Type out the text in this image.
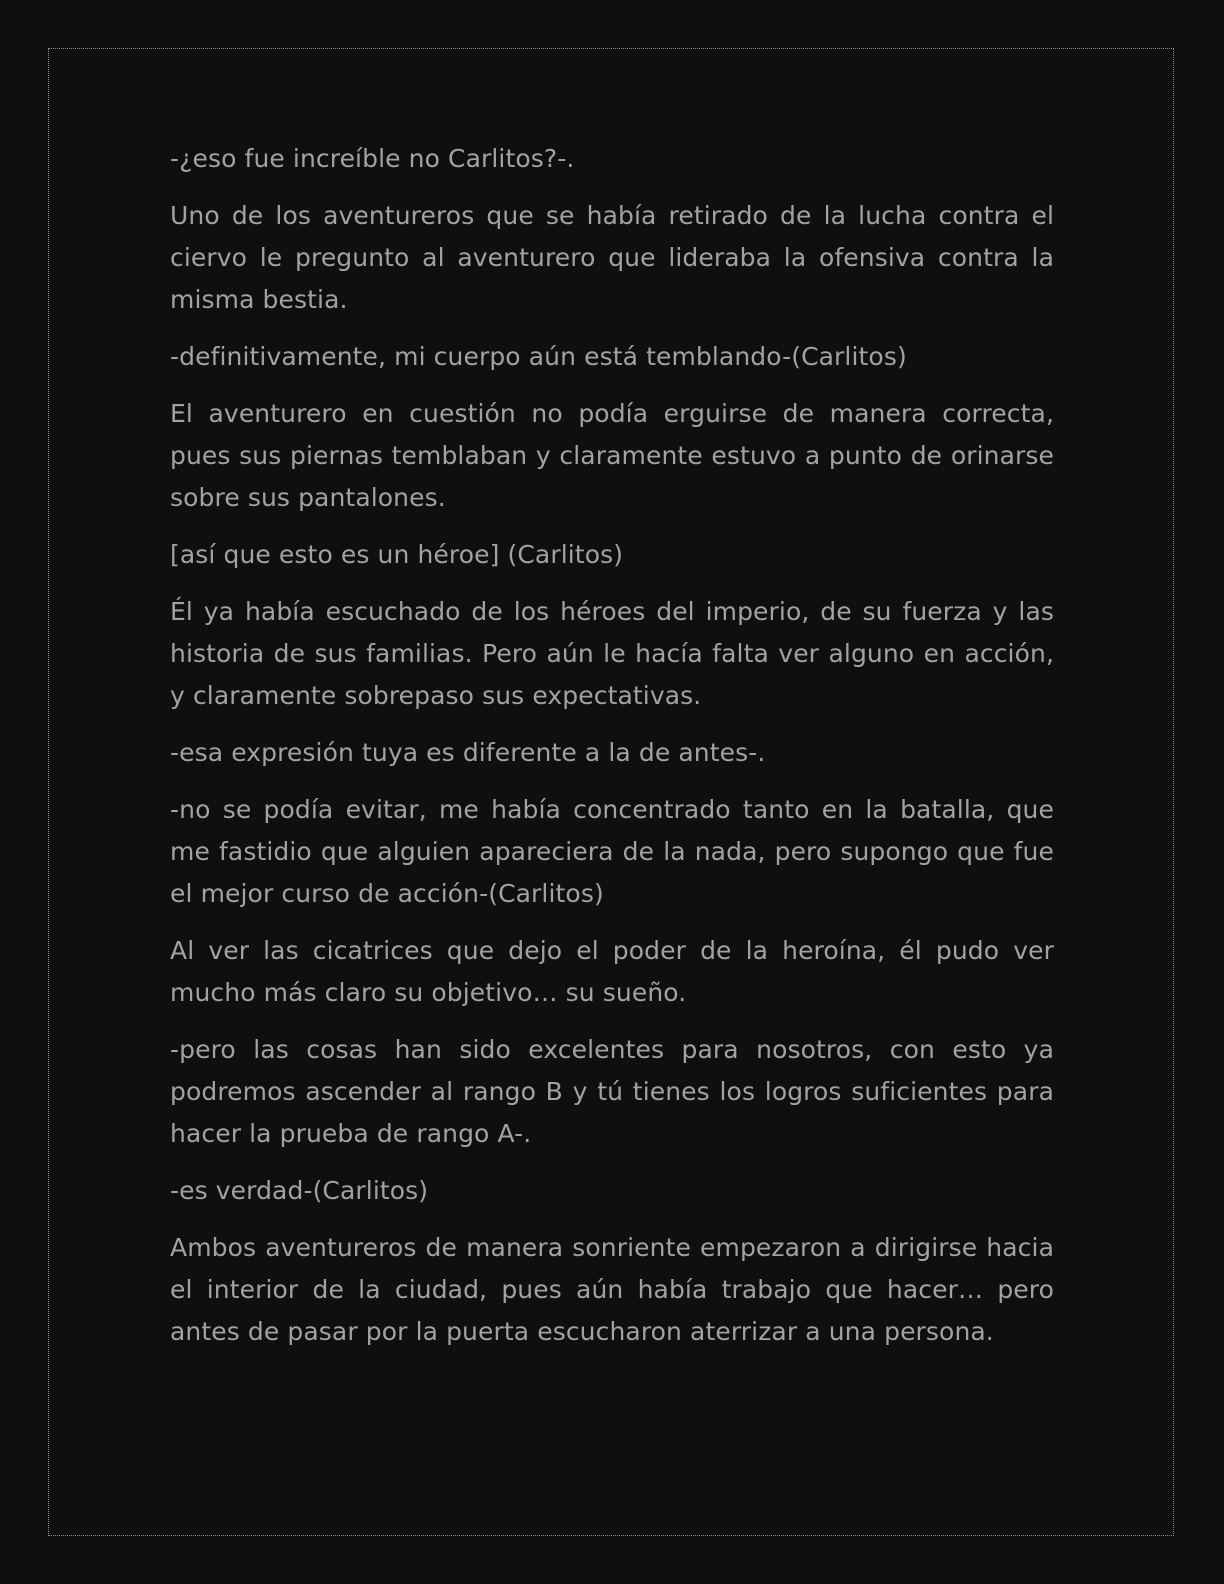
-¿eso fue increíble no Carlitos?-.

Uno de los aventureros que se había retirado de la lucha contra el ciervo le pregunto al aventurero que lideraba la ofensiva contra la misma bestia.

-definitivamente, mi cuerpo aún está temblando-(Carlitos)

El aventurero en cuestión no podía erguirse de manera correcta, pues sus piernas temblaban y claramente estuvo a punto de orinarse sobre sus pantalones.

[así que esto es un héroe] (Carlitos)

Él ya había escuchado de los héroes del imperio, de su fuerza y las historia de sus familias. Pero aún le hacía falta ver alguno en acción, y claramente sobrepaso sus expectativas.

-esa expresión tuya es diferente a la de antes-.

-no se podía evitar, me había concentrado tanto en la batalla, que me fastidio que alguien apareciera de la nada, pero supongo que fue el mejor curso de acción-(Carlitos)

Al ver las cicatrices que dejo el poder de la heroína, él pudo ver mucho más claro su objetivo… su sueño.

-pero las cosas han sido excelentes para nosotros, con esto ya podremos ascender al rango B y tú tienes los logros suficientes para hacer la prueba de rango A-.

-es verdad-(Carlitos)

Ambos aventureros de manera sonriente empezaron a dirigirse hacia el interior de la ciudad, pues aún había trabajo que hacer… pero antes de pasar por la puerta escucharon aterrizar a una persona.
